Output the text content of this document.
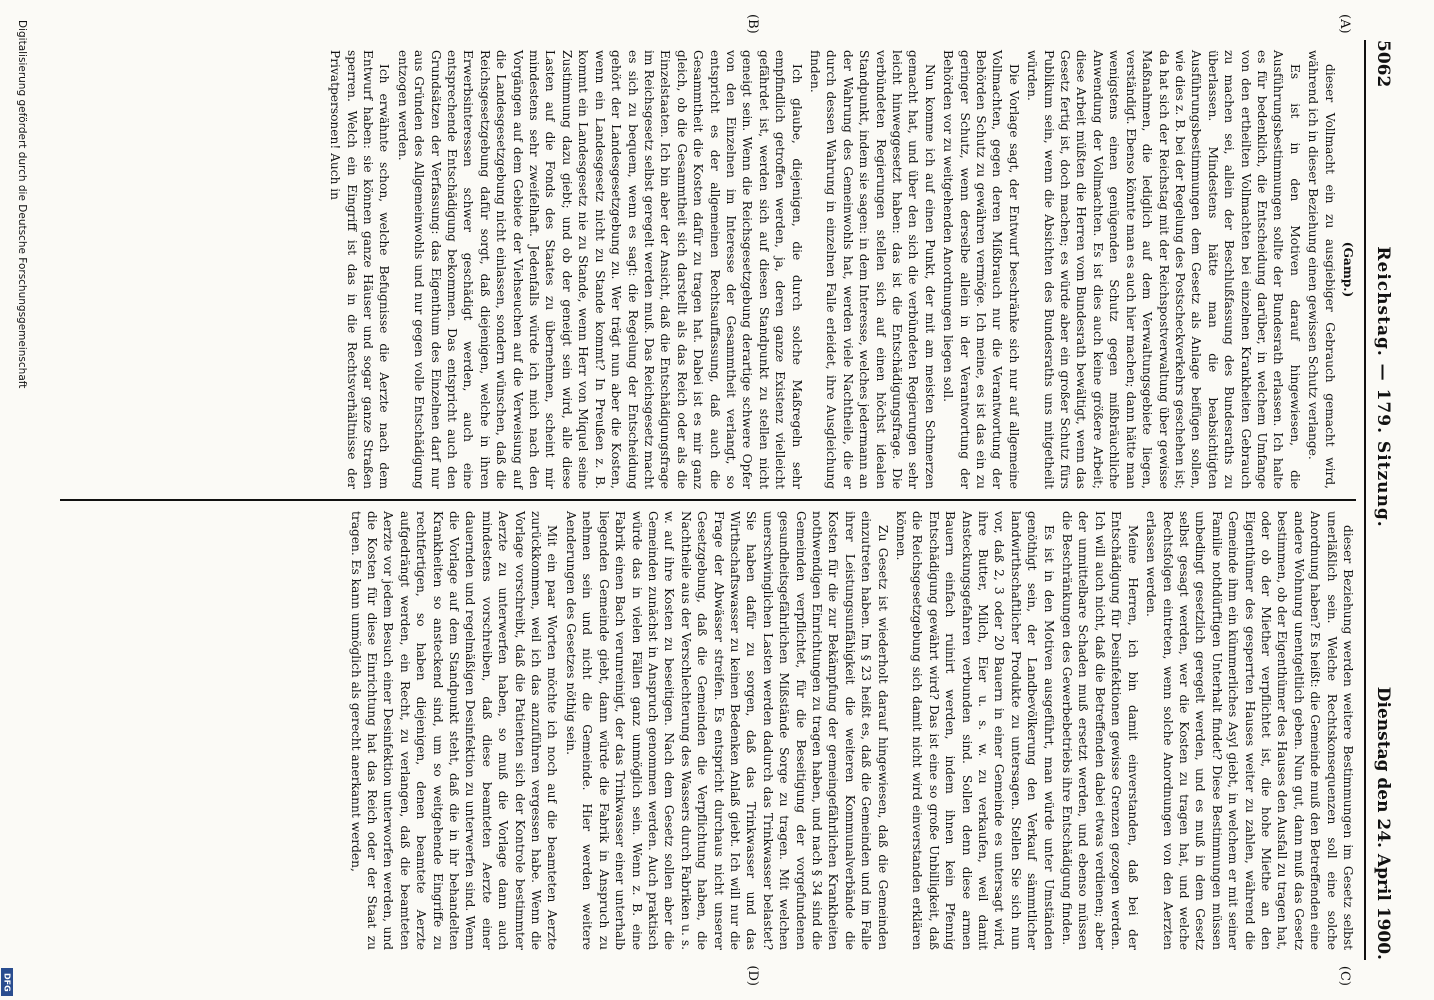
5062
Reichstag. — 179. Sitzung.
Dienstag den 24. April 1900.
(Gamp.)

dieser Vollmacht ein zu ausgiebiger Gebrauch gemacht wird, während ich in dieser Beziehung einen gewissen Schutz verlange.

Es ist in den Motiven darauf hingewiesen, die Ausführungsbestimmungen sollte der Bundesrath erlassen. Ich halte es für bedenklich, die Entscheidung darüber, in welchem Umfange von den ertheilten Vollmachten bei einzelnen Krankheiten Gebrauch zu machen sei, allein der Beschlußfassung des Bundesraths zu überlassen. Mindestens hätte man die beabsichtigten Ausführungsbestimmungen dem Gesetz als Anlage beifügen sollen, wie dies z. B. bei der Regelung des Postscheckverkehrs geschehen ist; da hat sich der Reichstag mit der Reichspostverwaltung über gewisse Maßnahmen, die lediglich auf dem Verwaltungsgebiete liegen, verständigt. Ebenso könnte man es auch hier machen; dann hätte man wenigstens einen genügenden Schutz gegen mißbräuchliche Anwendung der Vollmachten. Es ist dies auch keine größere Arbeit; diese Arbeit müßten die Herren vom Bundesrath bewältigt, wenn das Gesetz fertig ist, doch machen; es würde aber ein großer Schutz fürs Publikum sein, wenn die Absichten des Bundesraths uns mitgetheilt würden.

Die Vorlage sagt, der Entwurf beschränke sich nur auf allgemeine Vollmachten, gegen deren Mißbrauch nur die Verantwortung der Behörden Schutz zu gewähren vermöge. Ich meine, es ist das ein zu geringer Schutz, wenn derselbe allein in der Verantwortung der Behörden vor zu weitgehenden Anordnungen liegen soll.

Nun komme ich auf einen Punkt, der mit am meisten Schmerzen gemacht hat, und über den sich die verbündeten Regierungen sehr leicht hinweggesetzt haben: das ist die Entschädigungsfrage. Die verbündeten Regierungen stellen sich auf einen höchst idealen Standpunkt, indem sie sagen: in dem Interesse, welches jedermann an der Wahrung des Gemeinwohls hat, werden viele Nachtheile, die er durch dessen Wahrung in einzelnen Falle erleidet, ihre Ausgleichung finden.

Ich glaube, diejenigen, die durch solche Maßregeln sehr empfindlich getroffen werden, ja, deren ganze Existenz vielleicht gefährdet ist, werden sich auf diesen Standpunkt zu stellen nicht geneigt sein. Wenn die Reichsgesetzgebung derartige schwere Opfer von den Einzelnen im Interesse der Gesammtheit verlangt, so entspricht es der allgemeinen Rechtsauffassung, daß auch die Gesammtheit die Kosten dafür zu tragen hat. Dabei ist es mir ganz gleich, ob die Gesammtheit sich darstellt als das Reich oder als die Einzelstaaten. Ich bin aber der Ansicht, daß die Entschädigungsfrage im Reichsgesetz selbst geregelt werden muß. Das Reichsgesetz macht es sich zu bequem, wenn es sagt: die Regelung der Entscheidung gehört der Landesgesetzgebung zu. Wer trägt nun aber die Kosten, wenn ein Landesgesetz nicht zu Stande kommt? In Preußen z. B. kommt ein Landesgesetz nie zu Stande, wenn Herr von Miquel seine Zustimmung dazu giebt; und ob der geneigt sein wird, alle diese Lasten auf die Fonds des Staates zu übernehmen, scheint mir mindestens sehr zweifelhaft. Jedenfalls würde ich mich nach den Vorgängen auf dem Gebiete der Viehseuchen auf die Verweisung auf die Landesgesetzgebung nicht einlassen, sondern wünschen, daß die Reichsgesetzgebung dafür sorgt, daß diejenigen, welche in ihren Erwerbsinteressen schwer geschädigt werden, auch eine entsprechende Entschädigung bekommen. Das entspricht auch den Grundsätzen der Verfassung: das Eigenthum des Einzelnen darf nur aus Gründen des Allgemeinwohls und nur gegen volle Entschädigung entzogen werden.

Ich erwähnte schon, welche Befugnisse die Aerzte nach dem Entwurf haben: sie können ganze Häuser und sogar ganze Straßen sperren. Welch ein Eingriff ist das in die Rechtsverhältnisse der Privatpersonen! Auch in

dieser Beziehung werden weitere Bestimmungen im Gesetz selbst unerläßlich sein. Welche Rechtskonsequenzen soll eine solche Anordnung haben? Es heißt: die Gemeinde muß den Betreffenden eine andere Wohnung unentgeltlich geben. Nun gut, dann muß das Gesetz bestimmen, ob der Eigenthümer des Hauses den Ausfall zu tragen hat, oder ob der Miether verpflichtet ist, die hohe Miethe an den Eigenthümer des gesperrten Hauses weiter zu zahlen, während die Gemeinde ihm ein kümmerliches Asyl giebt, in welchem er mit seiner Familie nothdürftigen Unterhalt findet? Diese Bestimmungen müssen unbedingt gesetzlich geregelt werden, und es muß in dem Gesetz selbst gesagt werden, wer die Kosten zu tragen hat, und welche Rechtsfolgen eintreten, wenn solche Anordnungen von den Aerzten erlassen werden.

Meine Herren, ich bin damit einverstanden, daß bei der Entschädigung für Desinfektionen gewisse Grenzen gezogen werden. Ich will auch nicht, daß die Betreffenden dabei etwas verdienen; aber der unmittelbare Schaden muß ersetzt werden, und ebenso müssen die Beschränkungen des Gewerbebetriebs ihre Entschädigung finden.

Es ist in den Motiven ausgeführt, man würde unter Umständen genöthigt sein, der Landbevölkerung den Verkauf sämmtlicher landwirthschaftlicher Produkte zu untersagen. Stellen Sie sich nun vor, daß 2, 3 oder 20 Bauern in einer Gemeinde es untersagt wird, ihre Butter, Milch, Eier u. s. w. zu verkaufen, weil damit Ansteckungsgefahren verbunden sind. Sollen denn diese armen Bauern einfach ruinirt werden, indem ihnen kein Pfennig Entschädigung gewährt wird? Das ist eine so große Unbilligkeit, daß die Reichsgesetzgebung sich damit nicht wird einverstanden erklären können.

Zu Gesetz ist wiederholt darauf hingewiesen, daß die Gemeinden einzutreten haben. Im § 23 heißt es, daß die Gemeinden und im Falle ihrer Leistungsunfähigkeit die weiteren Kommunalverbände die Kosten für die zur Bekämpfung der gemeingefährlichen Krankheiten nothwendigen Einrichtungen zu tragen haben, und nach § 34 sind die Gemeinden verpflichtet, für die Beseitigung der vorgefundenen gesundheitsgefährlichen Mißstände Sorge zu tragen. Mit welchen unerschwinglichen Lasten werden dadurch das Trinkwasser belastet? Sie haben dafür zu sorgen, daß das Trinkwasser und das Wirthschaftswasser zu keinen Bedenken Anlaß giebt. Ich will nur die Frage der Abwässer streifen. Es entspricht durchaus nicht unserer Gesetzgebung, daß die Gemeinden die Verpflichtung haben, die Nachtheile aus der Verschlechterung des Wassers durch Fabriken u. s. w. auf ihre Kosten zu beseitigen. Nach dem Gesetz sollen aber die Gemeinden zunächst in Anspruch genommen werden. Auch praktisch würde das in vielen Fällen ganz unmöglich sein. Wenn z. B. eine Fabrik einen Bach verunreinigt, der das Trinkwasser einer unterhalb liegenden Gemeinde giebt, dann würde die Fabrik in Anspruch zu nehmen sein und nicht die Gemeinde. Hier werden weitere Aenderungen des Gesetzes nöthig sein.

Mit ein paar Worten möchte ich noch auf die beamteten Aerzte zurückkommen, weil ich das anzuführen vergessen habe. Wenn die Vorlage vorschreibt, daß die Patienten sich der Kontrole bestimmter Aerzte zu unterwerfen haben, so muß die Vorlage dann auch mindestens vorschreiben, daß diese beamteten Aerzte einer dauernden und regelmäßigen Desinfektion zu unterwerfen sind. Wenn die Vorlage auf dem Standpunkt steht, daß die in ihr behandelten Krankheiten so ansteckend sind, um so weitgehende Eingriffe zu rechtfertigen, so haben diejenigen, denen beamtete Aerzte aufgedrängt werden, ein Recht, zu verlangen, daß die beamteten Aerzte vor jedem Besuch einer Desinfektion unterworfen werden, und die Kosten für diese Einrichtung hat das Reich oder der Staat zu tragen. Es kann unmöglich als gerecht anerkannt werden,

(A)
(B)
(C)
(D)
Digitalisierung gefördert durch die Deutsche Forschungsgemeinschaft
DFG
